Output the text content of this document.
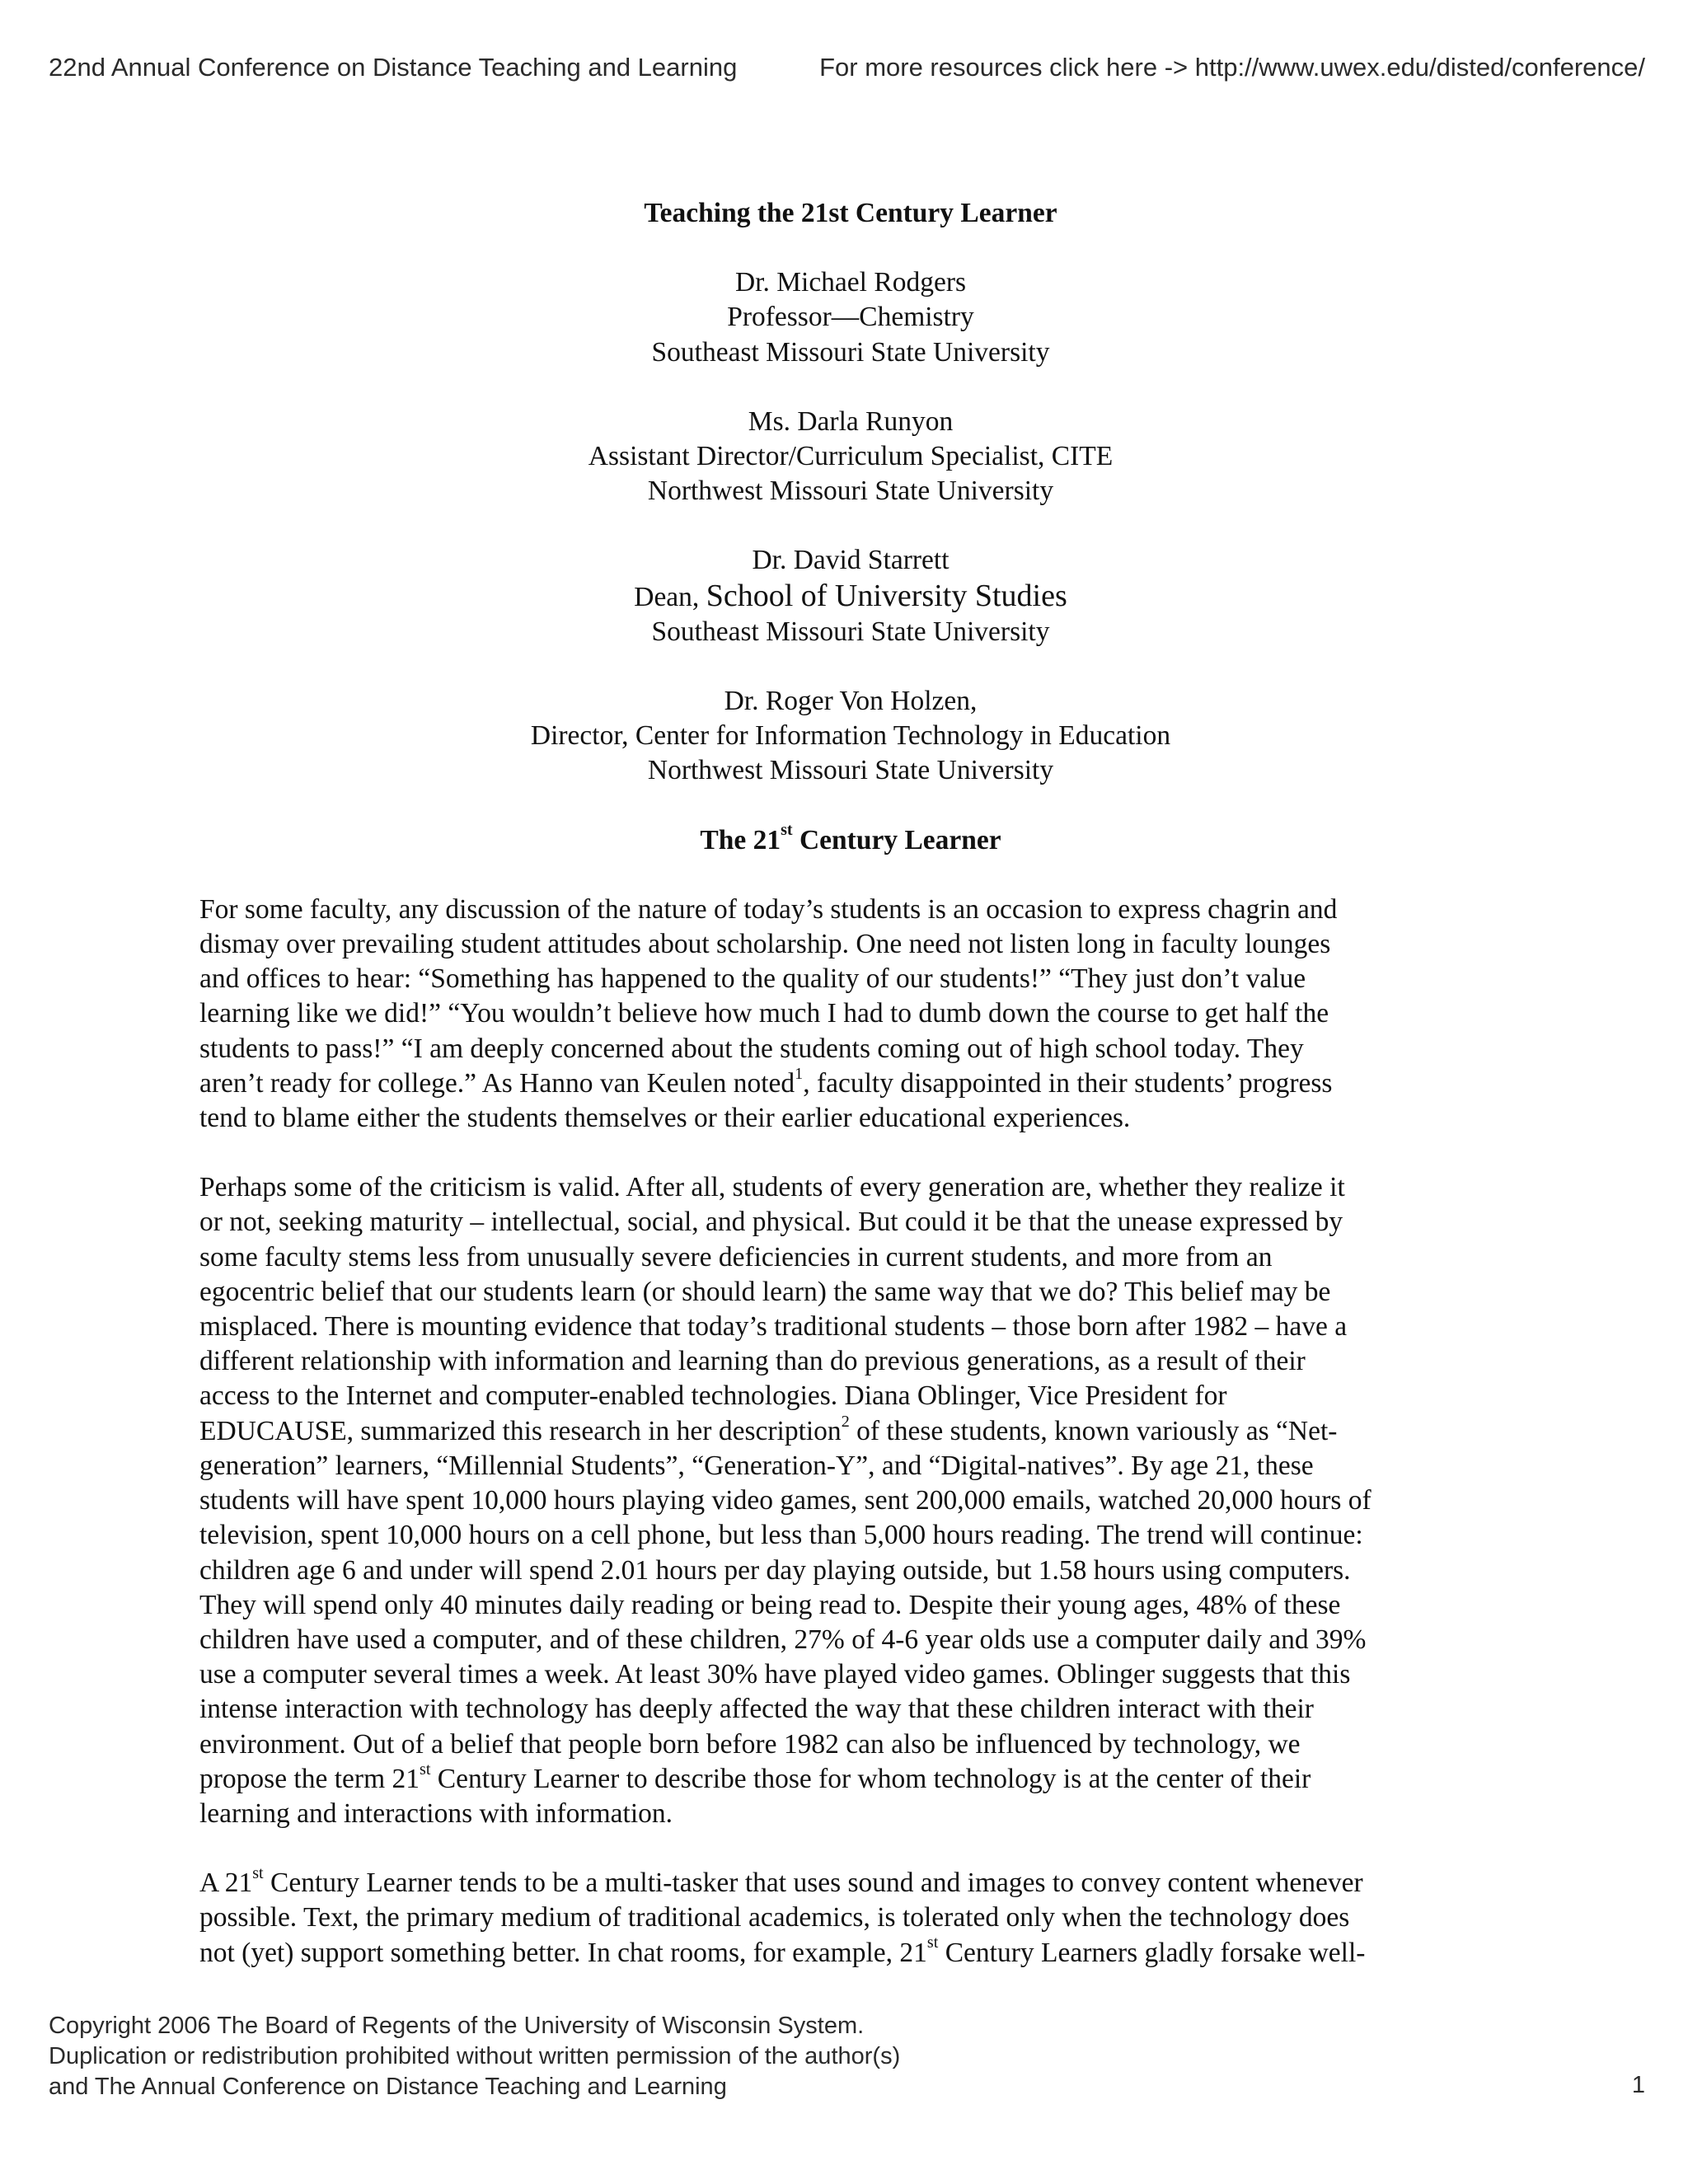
22nd Annual Conference on Distance Teaching and Learning	For more resources click here -> http://www.uwex.edu/disted/conference/

Teaching the 21st Century Learner

Dr. Michael Rodgers

Professor—Chemistry

Southeast Missouri State University

Ms. Darla Runyon

Assistant Director/Curriculum Specialist, CITE

Northwest Missouri State University

Dr. David Starrett

Dean, School of University Studies

Southeast Missouri State University

Dr. Roger Von Holzen,

Director, Center for Information Technology in Education

Northwest Missouri State University

The 21st Century Learner

For some faculty, any discussion of the nature of today’s students is an occasion to express chagrin and
dismay over prevailing student attitudes about scholarship. One need not listen long in faculty lounges
and offices to hear: “Something has happened to the quality of our students!” “They just don’t value
learning like we did!” “You wouldn’t believe how much I had to dumb down the course to get half the
students to pass!” “I am deeply concerned about the students coming out of high school today. They
aren’t ready for college.” As Hanno van Keulen noted$^1$, faculty disappointed in their students’ progress
tend to blame either the students themselves or their earlier educational experiences.
Perhaps some of the criticism is valid. After all, students of every generation are, whether they realize it
or not, seeking maturity – intellectual, social, and physical. But could it be that the unease expressed by
some faculty stems less from unusually severe deficiencies in current students, and more from an
egocentric belief that our students learn (or should learn) the same way that we do? This belief may be
misplaced. There is mounting evidence that today’s traditional students – those born after 1982 – have a
different relationship with information and learning than do previous generations, as a result of their
access to the Internet and computer-enabled technologies. Diana Oblinger, Vice President for
EDUCAUSE, summarized this research in her description$^2$ of these students, known variously as “Net-
generation” learners, “Millennial Students”, “Generation-Y”, and “Digital-natives”. By age 21, these
students will have spent 10,000 hours playing video games, sent 200,000 emails, watched 20,000 hours of
television, spent 10,000 hours on a cell phone, but less than 5,000 hours reading. The trend will continue:
children age 6 and under will spend 2.01 hours per day playing outside, but 1.58 hours using computers.
They will spend only 40 minutes daily reading or being read to. Despite their young ages, 48% of these
children have used a computer, and of these children, 27% of 4-6 year olds use a computer daily and 39%
use a computer several times a week. At least 30% have played video games. Oblinger suggests that this
intense interaction with technology has deeply affected the way that these children interact with their
environment. Out of a belief that people born before 1982 can also be influenced by technology, we
propose the term 21st Century Learner to describe those for whom technology is at the center of their
learning and interactions with information.
A 21st Century Learner tends to be a multi-tasker that uses sound and images to convey content whenever
possible. Text, the primary medium of traditional academics, is tolerated only when the technology does
not (yet) support something better. In chat rooms, for example, 21st Century Learners gladly forsake well-
Copyright 2006 The Board of Regents of the University of Wisconsin System.
Duplication or redistribution prohibited without written permission of the author(s)
and The Annual Conference on Distance Teaching and Learning	1
